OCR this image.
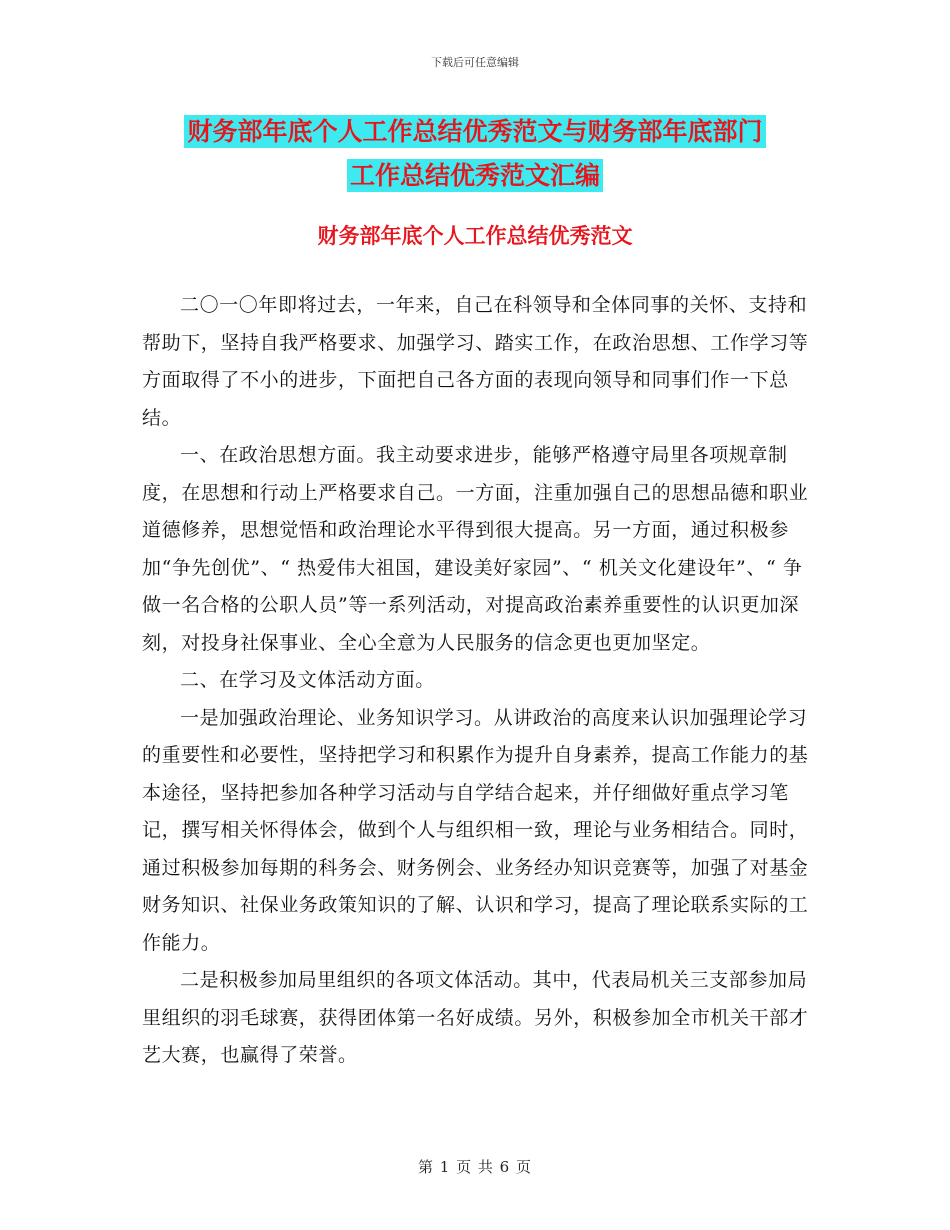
下载后可任意编辑
财务部年底个人工作总结优秀范文与财务部年底部门
工作总结优秀范文汇编
财务部年底个人工作总结优秀范文

二〇一〇年即将过去，一年来，自己在科领导和全体同事的关怀、支持和帮助下，坚持自我严格要求、加强学习、踏实工作，在政治思想、工作学习等方面取得了不小的进步，下面把自己各方面的表现向领导和同事们作一下总结。

一、在政治思想方面。我主动要求进步，能够严格遵守局里各项规章制度，在思想和行动上严格要求自己。一方面，注重加强自己的思想品德和职业道德修养，思想觉悟和政治理论水平得到很大提高。另一方面，通过积极参加“争先创优”、“ 热爱伟大祖国，建设美好家园”、“ 机关文化建设年”、“ 争做一名合格的公职人员”等一系列活动，对提高政治素养重要性的认识更加深刻，对投身社保事业、全心全意为人民服务的信念更也更加坚定。

二、在学习及文体活动方面。

一是加强政治理论、业务知识学习。从讲政治的高度来认识加强理论学习的重要性和必要性，坚持把学习和积累作为提升自身素养，提高工作能力的基本途径，坚持把参加各种学习活动与自学结合起来，并仔细做好重点学习笔记，撰写相关怀得体会，做到个人与组织相一致，理论与业务相结合。同时，通过积极参加每期的科务会、财务例会、业务经办知识竞赛等，加强了对基金财务知识、社保业务政策知识的了解、认识和学习，提高了理论联系实际的工作能力。

二是积极参加局里组织的各项文体活动。其中，代表局机关三支部参加局里组织的羽毛球赛，获得团体第一名好成绩。另外，积极参加全市机关干部才艺大赛，也赢得了荣誉。

第 1 页 共 6 页
